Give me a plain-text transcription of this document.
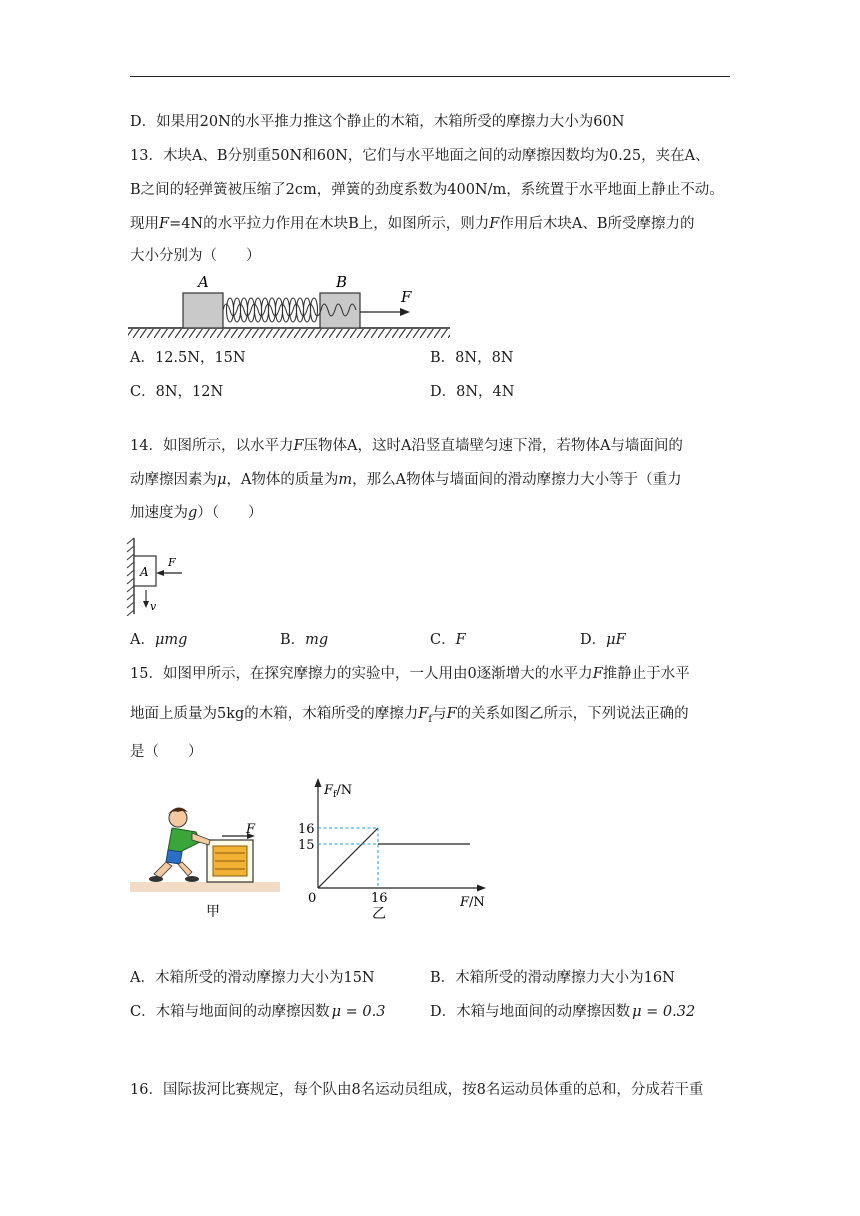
D．如果用20N的水平推力推这个静止的木箱，木箱所受的摩擦力大小为60N
13．木块A、B分别重50N和60N，它们与水平地面之间的动摩擦因数均为0.25，夹在A、
B之间的轻弹簧被压缩了2cm，弹簧的劲度系数为400N/m，系统置于水平地面上静止不动。
现用F=4N的水平拉力作用在木块B上，如图所示，则力F作用后木块A、B所受摩擦力的
大小分别为（　　）
A	B
F
A．12.5N，15N	B．8N，8N
C．8N，12N	D．8N，4N
14．如图所示，以水平力F压物体A，这时A沿竖直墙壁匀速下滑，若物体A与墙面间的
动摩擦因素为μ，A物体的质量为m，那么A物体与墙面间的滑动摩擦力大小等于（重力
加速度为g）（　　）
A
F
v
A．μmg	B．mg	C．F	D．μF
15．如图甲所示，在探究摩擦力的实验中，一人用由0逐渐增大的水平力F推静止于水平
地面上质量为5kg的木箱，木箱所受的摩擦力$F_f$与F的关系如图乙所示，下列说法正确的
是（　　）
F
甲
$F_f/N$
F/N
0
16
15
16
乙
A．木箱所受的滑动摩擦力大小为15N	B．木箱所受的滑动摩擦力大小为16N
C．木箱与地面间的动摩擦因数 μ = 0.3	D．木箱与地面间的动摩擦因数 μ = 0.32
16．国际拔河比赛规定，每个队由8名运动员组成，按8名运动员体重的总和，分成若干重
